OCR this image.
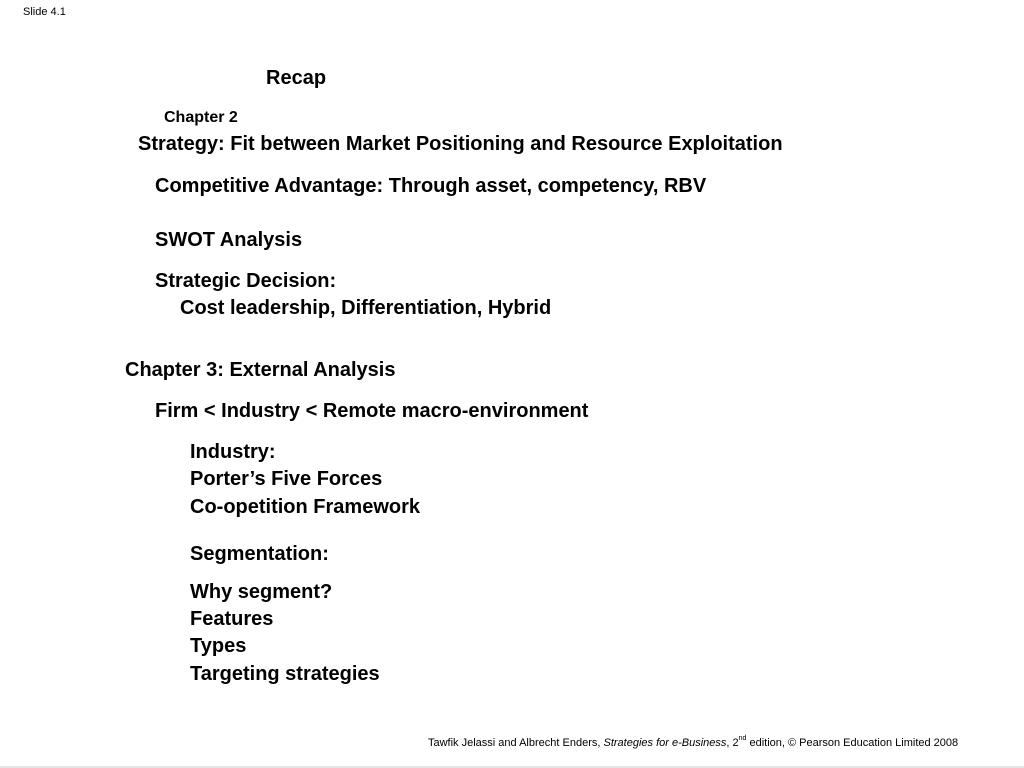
Slide 4.1
Recap
Chapter 2
Strategy: Fit between Market Positioning and Resource Exploitation
Competitive Advantage: Through asset, competency, RBV
SWOT Analysis
Strategic Decision:
Cost leadership, Differentiation, Hybrid
Chapter 3: External Analysis
Firm < Industry < Remote macro-environment
Industry:
Porter’s Five Forces
Co-opetition Framework
Segmentation:
Why segment?
Features
Types
Targeting strategies
Tawfik Jelassi and Albrecht Enders, Strategies for e-Business, 2nd edition, © Pearson Education Limited 2008
